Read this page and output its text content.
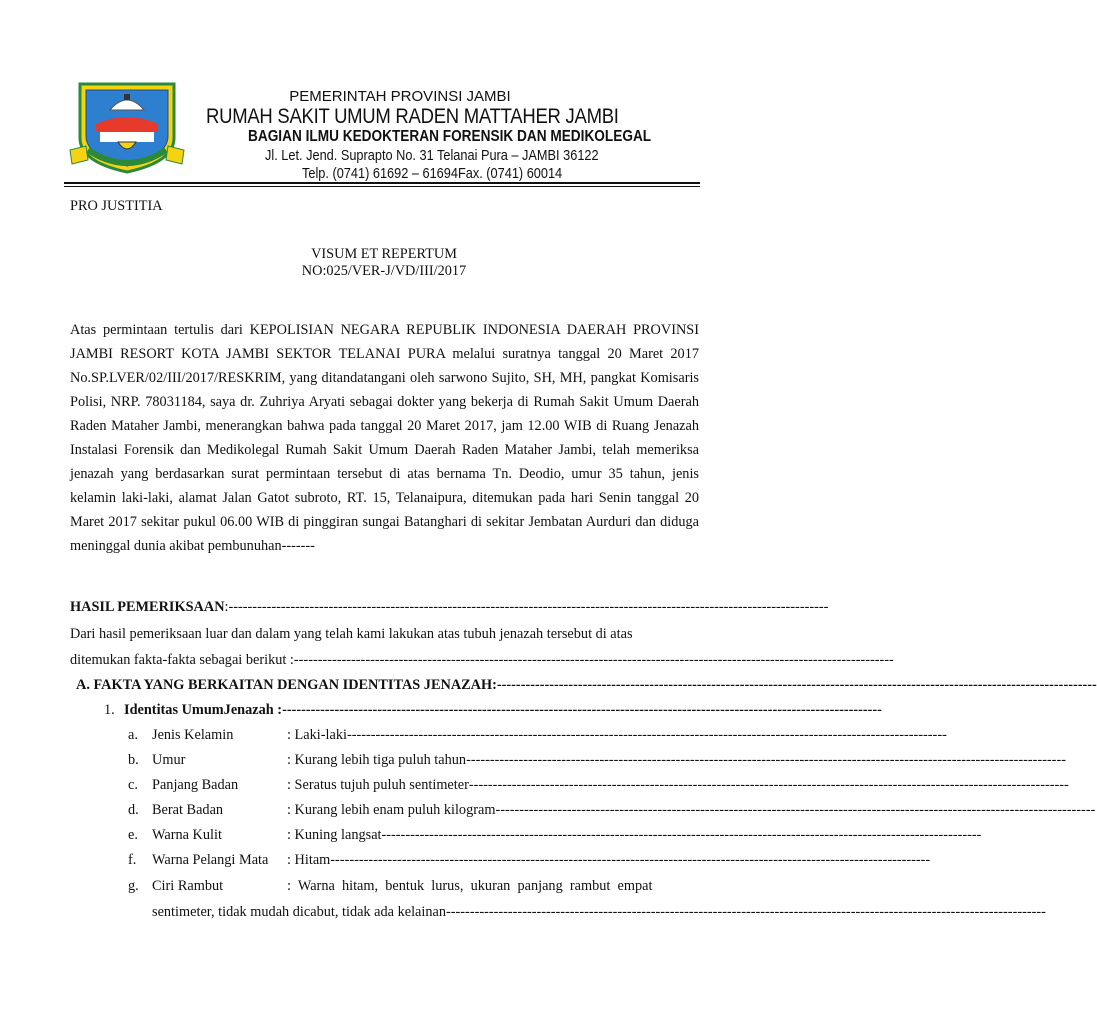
PEMERINTAH PROVINSI JAMBI
RUMAH SAKIT UMUM RADEN MATTAHER JAMBI
BAGIAN ILMU KEDOKTERAN FORENSIK DAN MEDIKOLEGAL
Jl. Let. Jend. Suprapto No. 31 Telanai Pura – JAMBI 36122
Telp. (0741) 61692 – 61694Fax. (0741) 60014
PRO JUSTITIA
VISUM ET REPERTUM
NO:025/VER-J/VD/III/2017
Atas permintaan tertulis dari KEPOLISIAN NEGARA REPUBLIK INDONESIA DAERAH PROVINSI JAMBI RESORT KOTA JAMBI SEKTOR TELANAI PURA melalui suratnya tanggal 20 Maret 2017 No.SP.LVER/02/III/2017/RESKRIM, yang ditandatangani oleh sarwono Sujito, SH, MH, pangkat Komisaris Polisi, NRP. 78031184, saya dr. Zuhriya Aryati sebagai dokter yang bekerja di Rumah Sakit Umum Daerah Raden Mataher Jambi, menerangkan bahwa pada tanggal 20 Maret 2017, jam 12.00 WIB di Ruang Jenazah Instalasi Forensik dan Medikolegal Rumah Sakit Umum Daerah Raden Mataher Jambi, telah memeriksa jenazah yang berdasarkan surat permintaan tersebut di atas bernama Tn. Deodio, umur 35 tahun, jenis kelamin laki-laki, alamat Jalan Gatot subroto, RT. 15, Telanaipura, ditemukan pada hari Senin tanggal 20 Maret 2017 sekitar pukul 06.00 WIB di pinggiran sungai Batanghari di sekitar Jembatan Aurduri dan diduga meninggal dunia akibat pembunuhan-------
HASIL PEMERIKSAAN : ------------------------------------------------------------------------------------------------------------------------------
Dari hasil pemeriksaan luar dan dalam yang telah kami lakukan atas tubuh jenazah tersebut di atas
ditemukan fakta-fakta sebagai berikut : ------------------------------------------------------------------------------------------------------------------------------
A. FAKTA YANG BERKAITAN DENGAN IDENTITAS JENAZAH: ------------------------------------------------------------------------------------------------------------------------------
1. Identitas UmumJenazah : ------------------------------------------------------------------------------------------------------------------------------
a. Jenis Kelamin	: Laki-laki ------------------------------------------------------------------------------------------------------------------------------
b. Umur	: Kurang lebih tiga puluh tahun ------------------------------------------------------------------------------------------------------------------------------
c. Panjang Badan	: Seratus tujuh puluh sentimeter ------------------------------------------------------------------------------------------------------------------------------
d. Berat Badan	: Kurang lebih enam puluh kilogram ------------------------------------------------------------------------------------------------------------------------------
e. Warna Kulit	: Kuning langsat ------------------------------------------------------------------------------------------------------------------------------
f. Warna Pelangi Mata : Hitam ------------------------------------------------------------------------------------------------------------------------------
g. Ciri Rambut	:  Warna  hitam,  bentuk  lurus,  ukuran  panjang  rambut  empat
sentimeter, tidak mudah dicabut, tidak ada kelainan ------------------------------------------------------------------------------------------------------------------------------
